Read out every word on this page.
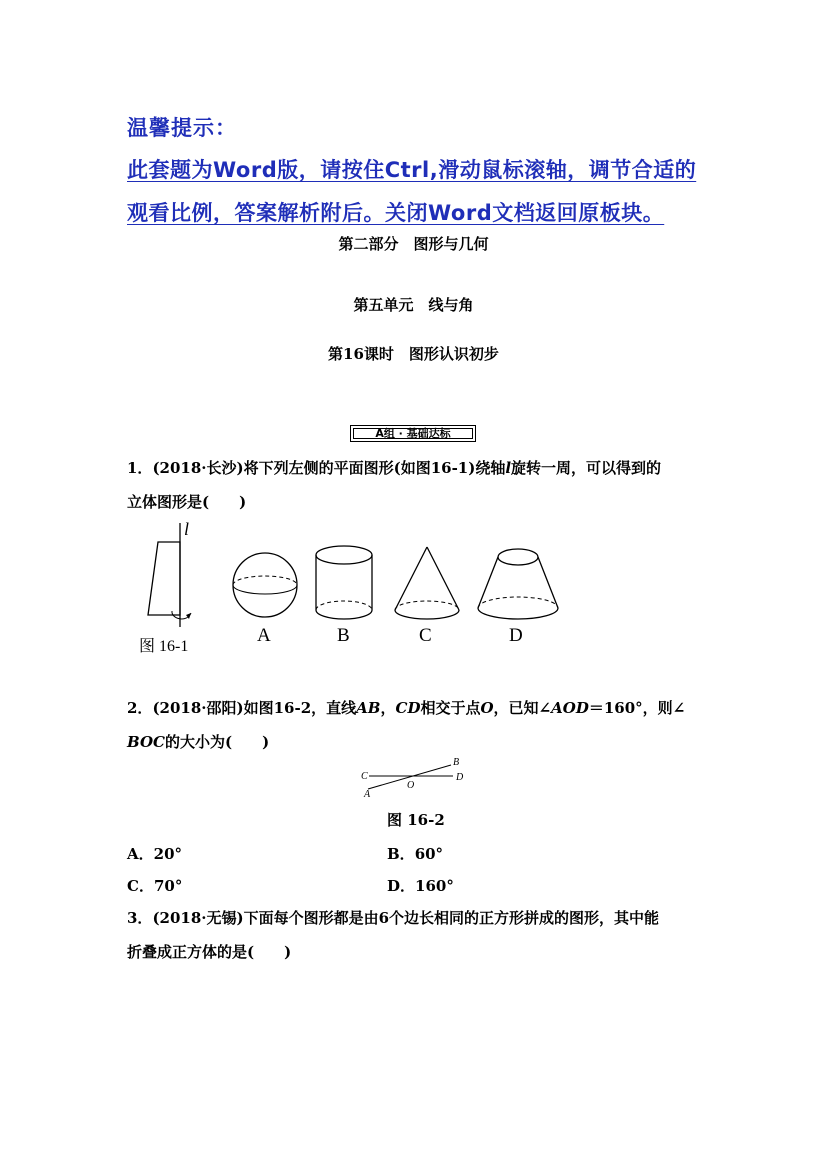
温馨提示：
此套题为Word版，请按住Ctrl,滑动鼠标滚轴，调节合适的
观看比例，答案解析附后。关闭Word文档返回原板块。
第二部分　图形与几何
第五单元　线与角
第16课时　图形认识初步
A组 · 基础达标
1．(2018·长沙)将下列左侧的平面图形(如图16-1)绕轴l旋转一周，可以得到的
立体图形是(　　)
l
图 16-1
A	B	C	D
2．(2018·邵阳)如图16-2，直线AB，CD相交于点O，已知∠AOD＝160°，则∠
BOC的大小为(　　)
C
B
D
O
A
图 16-2
A．20°	B．60°
C．70°	D．160°
3．(2018·无锡)下面每个图形都是由6个边长相同的正方形拼成的图形，其中能
折叠成正方体的是(　　)
